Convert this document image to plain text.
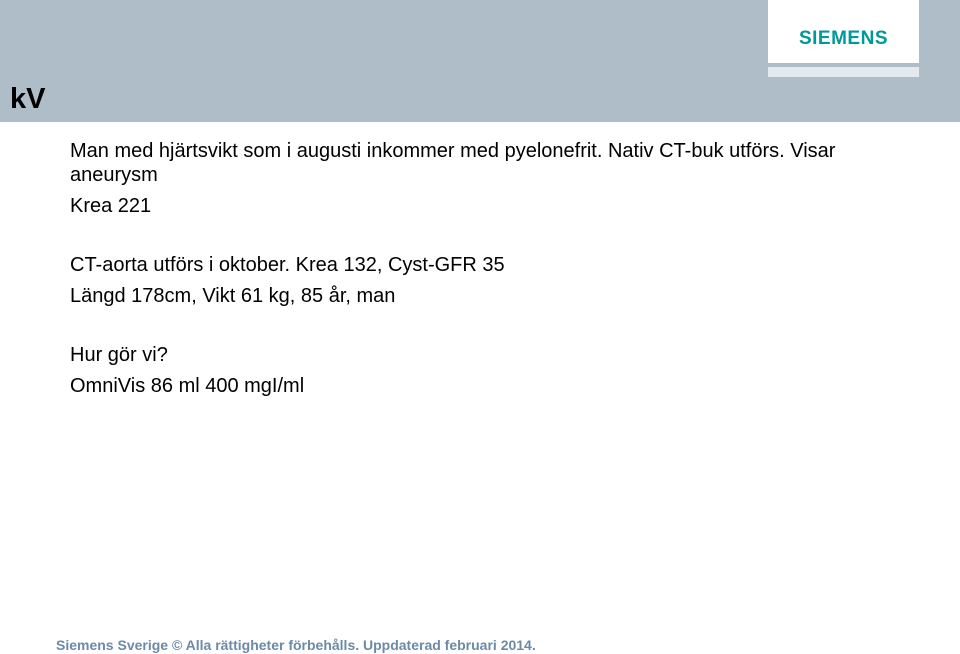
SIEMENS
kV
Man med hjärtsvikt som i augusti inkommer med pyelonefrit. Nativ CT-buk utförs. Visar
aneurysm
Krea 221
CT-aorta utförs i oktober. Krea 132, Cyst-GFR 35
Längd 178cm, Vikt 61 kg, 85 år, man
Hur gör vi?
OmniVis 86 ml 400 mgI/ml
Siemens Sverige © Alla rättigheter förbehålls. Uppdaterad februari 2014.
